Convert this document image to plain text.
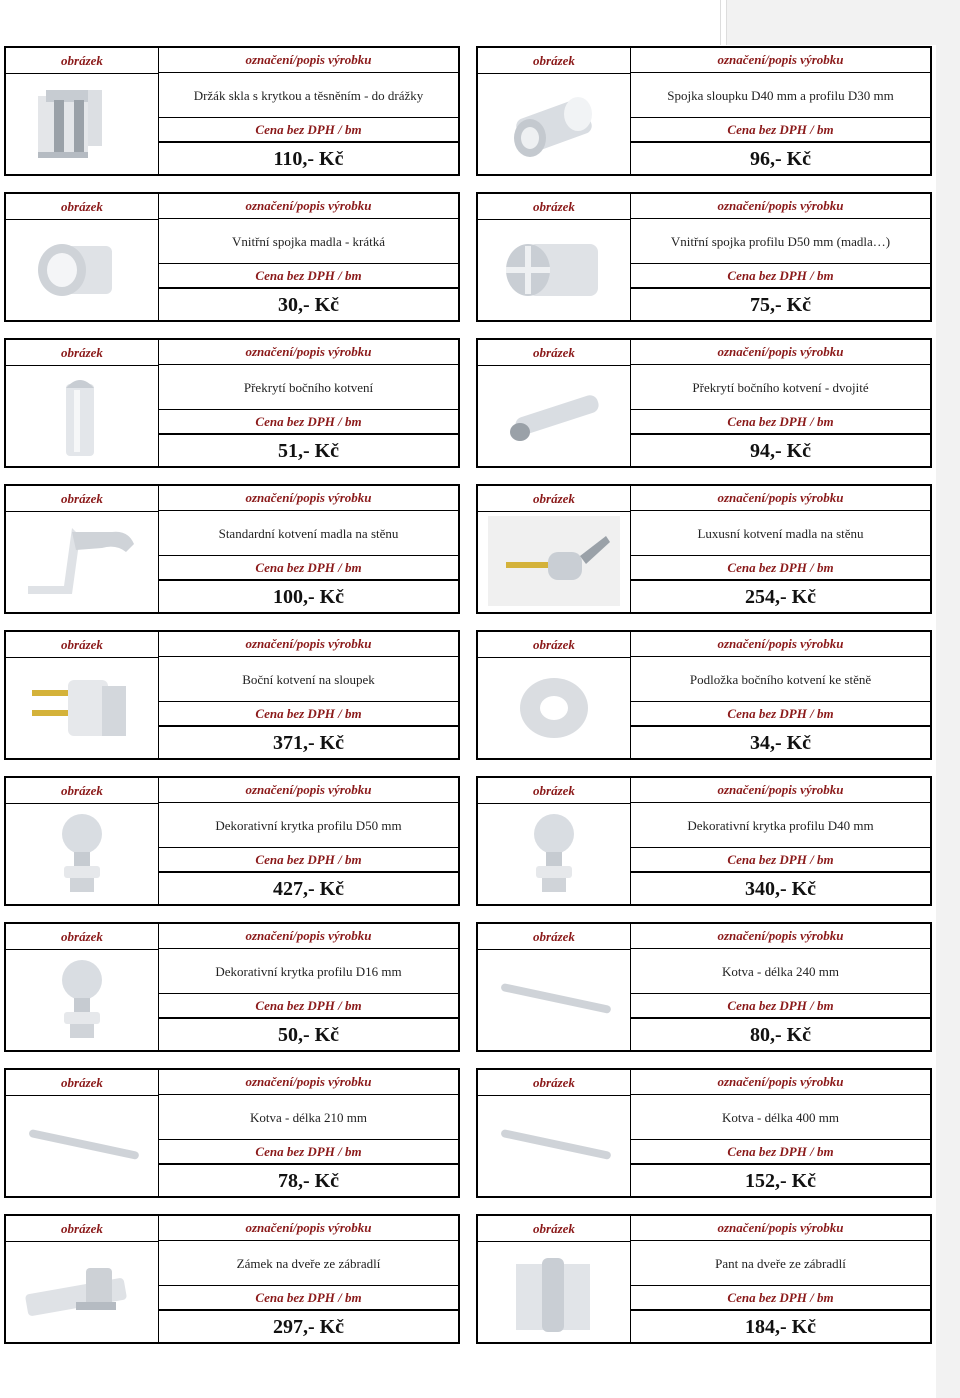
obrázek	označení/popis výrobku
Držák skla s krytkou a těsněním - do drážky
Cena bez DPH / bm
110,- Kč
obrázek	označení/popis výrobku
Spojka sloupku D40 mm a profilu D30 mm
Cena bez DPH / bm
96,- Kč
obrázek	označení/popis výrobku
Vnitřní spojka madla - krátká
Cena bez DPH / bm
30,- Kč
obrázek	označení/popis výrobku
Vnitřní spojka profilu D50 mm (madla…)
Cena bez DPH / bm
75,- Kč
obrázek	označení/popis výrobku
Překrytí bočního kotvení
Cena bez DPH / bm
51,- Kč
obrázek	označení/popis výrobku
Překrytí bočního kotvení - dvojité
Cena bez DPH / bm
94,- Kč
obrázek	označení/popis výrobku
Standardní kotvení madla na stěnu
Cena bez DPH / bm
100,- Kč
obrázek	označení/popis výrobku
Luxusní kotvení madla na stěnu
Cena bez DPH / bm
254,- Kč
obrázek	označení/popis výrobku
Boční kotvení na sloupek
Cena bez DPH / bm
371,- Kč
obrázek	označení/popis výrobku
Podložka bočního kotvení ke stěně
Cena bez DPH / bm
34,- Kč
obrázek	označení/popis výrobku
Dekorativní krytka profilu D50 mm
Cena bez DPH / bm
427,- Kč
obrázek	označení/popis výrobku
Dekorativní krytka profilu D40 mm
Cena bez DPH / bm
340,- Kč
obrázek	označení/popis výrobku
Dekorativní krytka profilu D16 mm
Cena bez DPH / bm
50,- Kč
obrázek	označení/popis výrobku
Kotva - délka 240 mm
Cena bez DPH / bm
80,- Kč
obrázek	označení/popis výrobku
Kotva - délka 210 mm
Cena bez DPH / bm
78,- Kč
obrázek	označení/popis výrobku
Kotva - délka 400 mm
Cena bez DPH / bm
152,- Kč
obrázek	označení/popis výrobku
Zámek na dveře ze zábradlí
Cena bez DPH / bm
297,- Kč
obrázek	označení/popis výrobku
Pant na dveře ze zábradlí
Cena bez DPH / bm
184,- Kč
